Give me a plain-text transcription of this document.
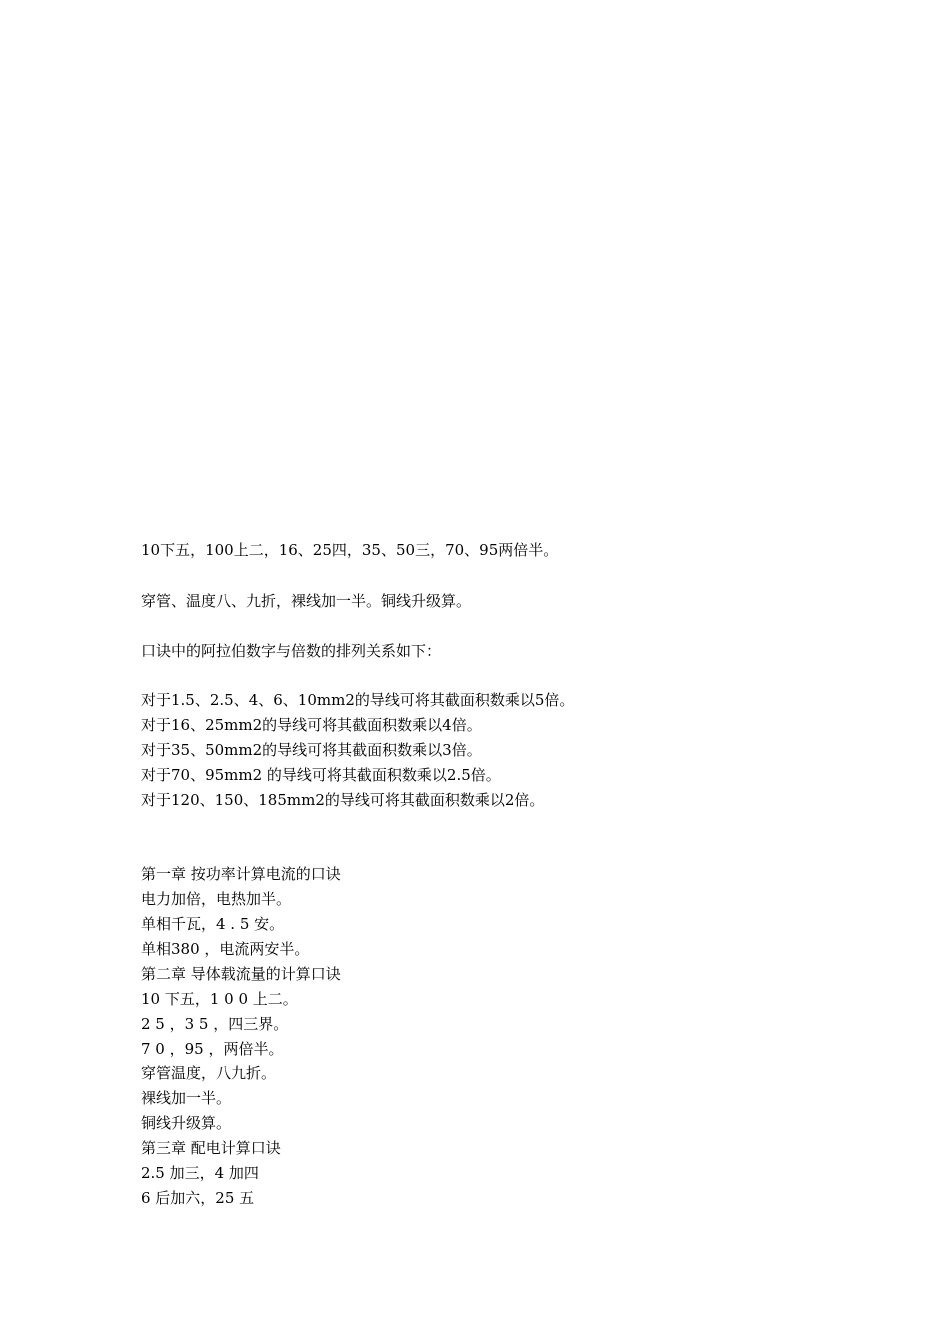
10下五，100上二，16、25四，35、50三，70、95两倍半。
穿管、温度八、九折，裸线加一半。铜线升级算。
口诀中的阿拉伯数字与倍数的排列关系如下：
对于1.5、2.5、4、6、10mm2的导线可将其截面积数乘以5倍。
对于16、25mm2的导线可将其截面积数乘以4倍。
对于35、50mm2的导线可将其截面积数乘以3倍。
对于70、95mm2 的导线可将其截面积数乘以2.5倍。
对于120、150、185mm2的导线可将其截面积数乘以2倍。
第一章 按功率计算电流的口诀
电力加倍，电热加半。
单相千瓦，4 . 5 安。
单相380 ，电流两安半。
第二章 导体载流量的计算口诀
10 下五，1 0 0 上二。
2 5 ，3 5 ，四三界。
7 0 ，95 ，两倍半。
穿管温度，八九折。
裸线加一半。
铜线升级算。
第三章 配电计算口诀
2.5 加三，4 加四
6 后加六，25 五
